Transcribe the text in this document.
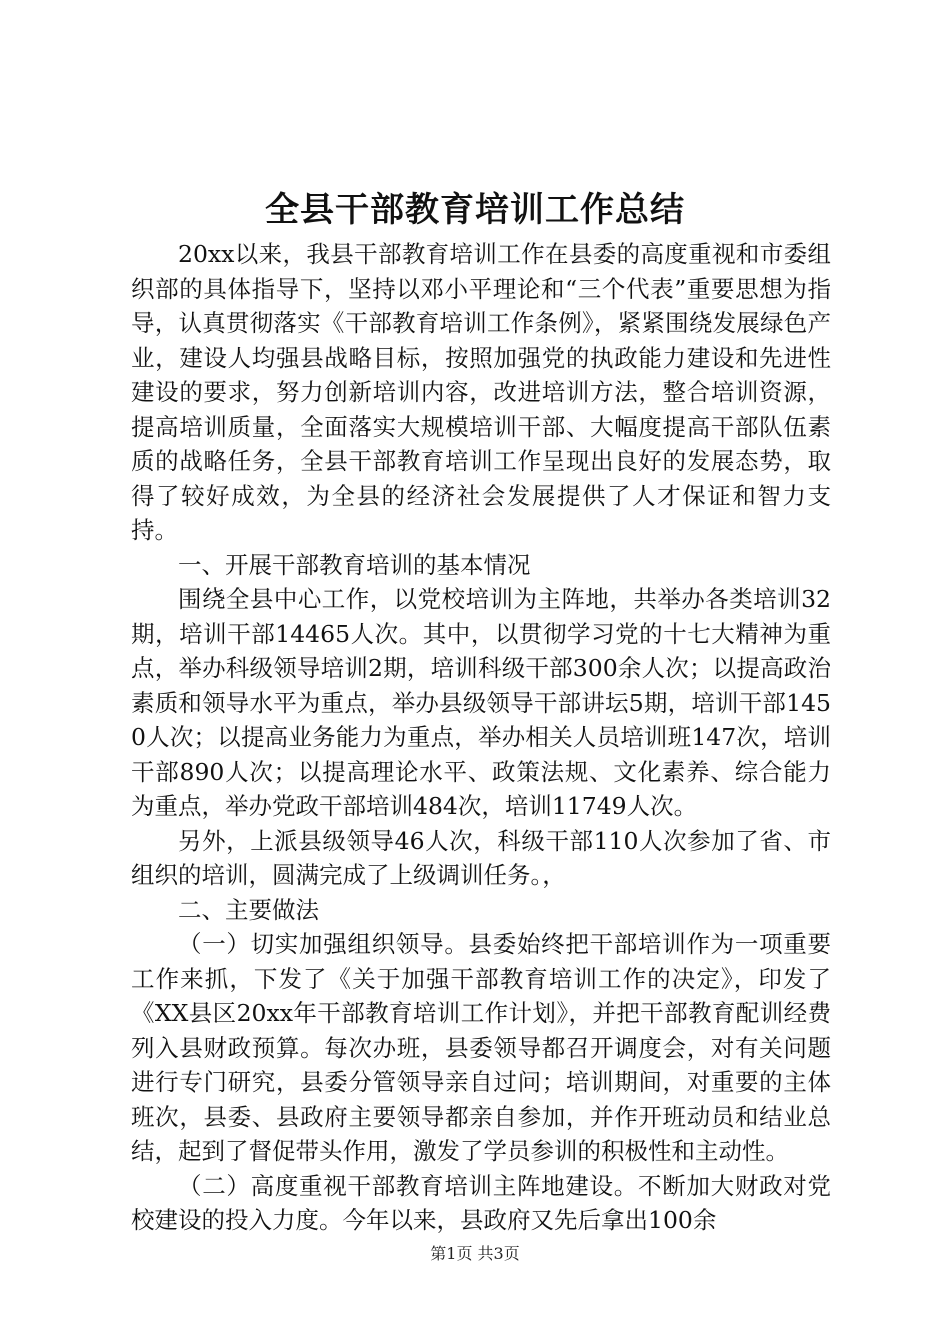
全县干部教育培训工作总结

20xx以来，我县干部教育培训工作在县委的高度重视和市委组织部的具体指导下，坚持以邓小平理论和“三个代表”重要思想为指导，认真贯彻落实《干部教育培训工作条例》，紧紧围绕发展绿色产业，建设人均强县战略目标，按照加强党的执政能力建设和先进性建设的要求，努力创新培训内容，改进培训方法，整合培训资源，提高培训质量，全面落实大规模培训干部、大幅度提高干部队伍素质的战略任务，全县干部教育培训工作呈现出良好的发展态势，取得了较好成效，为全县的经济社会发展提供了人才保证和智力支持。

一、开展干部教育培训的基本情况

围绕全县中心工作，以党校培训为主阵地，共举办各类培训32期，培训干部14465人次。其中，以贯彻学习党的十七大精神为重点，举办科级领导培训2期，培训科级干部300余人次；以提高政治素质和领导水平为重点，举办县级领导干部讲坛5期，培训干部1450人次；以提高业务能力为重点，举办相关人员培训班147次，培训干部890人次；以提高理论水平、政策法规、文化素养、综合能力为重点，举办党政干部培训484次，培训11749人次。

另外，上派县级领导46人次，科级干部110人次参加了省、市组织的培训，圆满完成了上级调训任务。，

二、主要做法

（一）切实加强组织领导。县委始终把干部培训作为一项重要工作来抓，下发了《关于加强干部教育培训工作的决定》，印发了《XX县区20xx年干部教育培训工作计划》，并把干部教育配训经费列入县财政预算。每次办班，县委领导都召开调度会，对有关问题进行专门研究，县委分管领导亲自过问；培训期间，对重要的主体班次，县委、县政府主要领导都亲自参加，并作开班动员和结业总结，起到了督促带头作用，激发了学员参训的积极性和主动性。

（二）高度重视干部教育培训主阵地建设。不断加大财政对党校建设的投入力度。今年以来，县政府又先后拿出100余

第1页 共3页
